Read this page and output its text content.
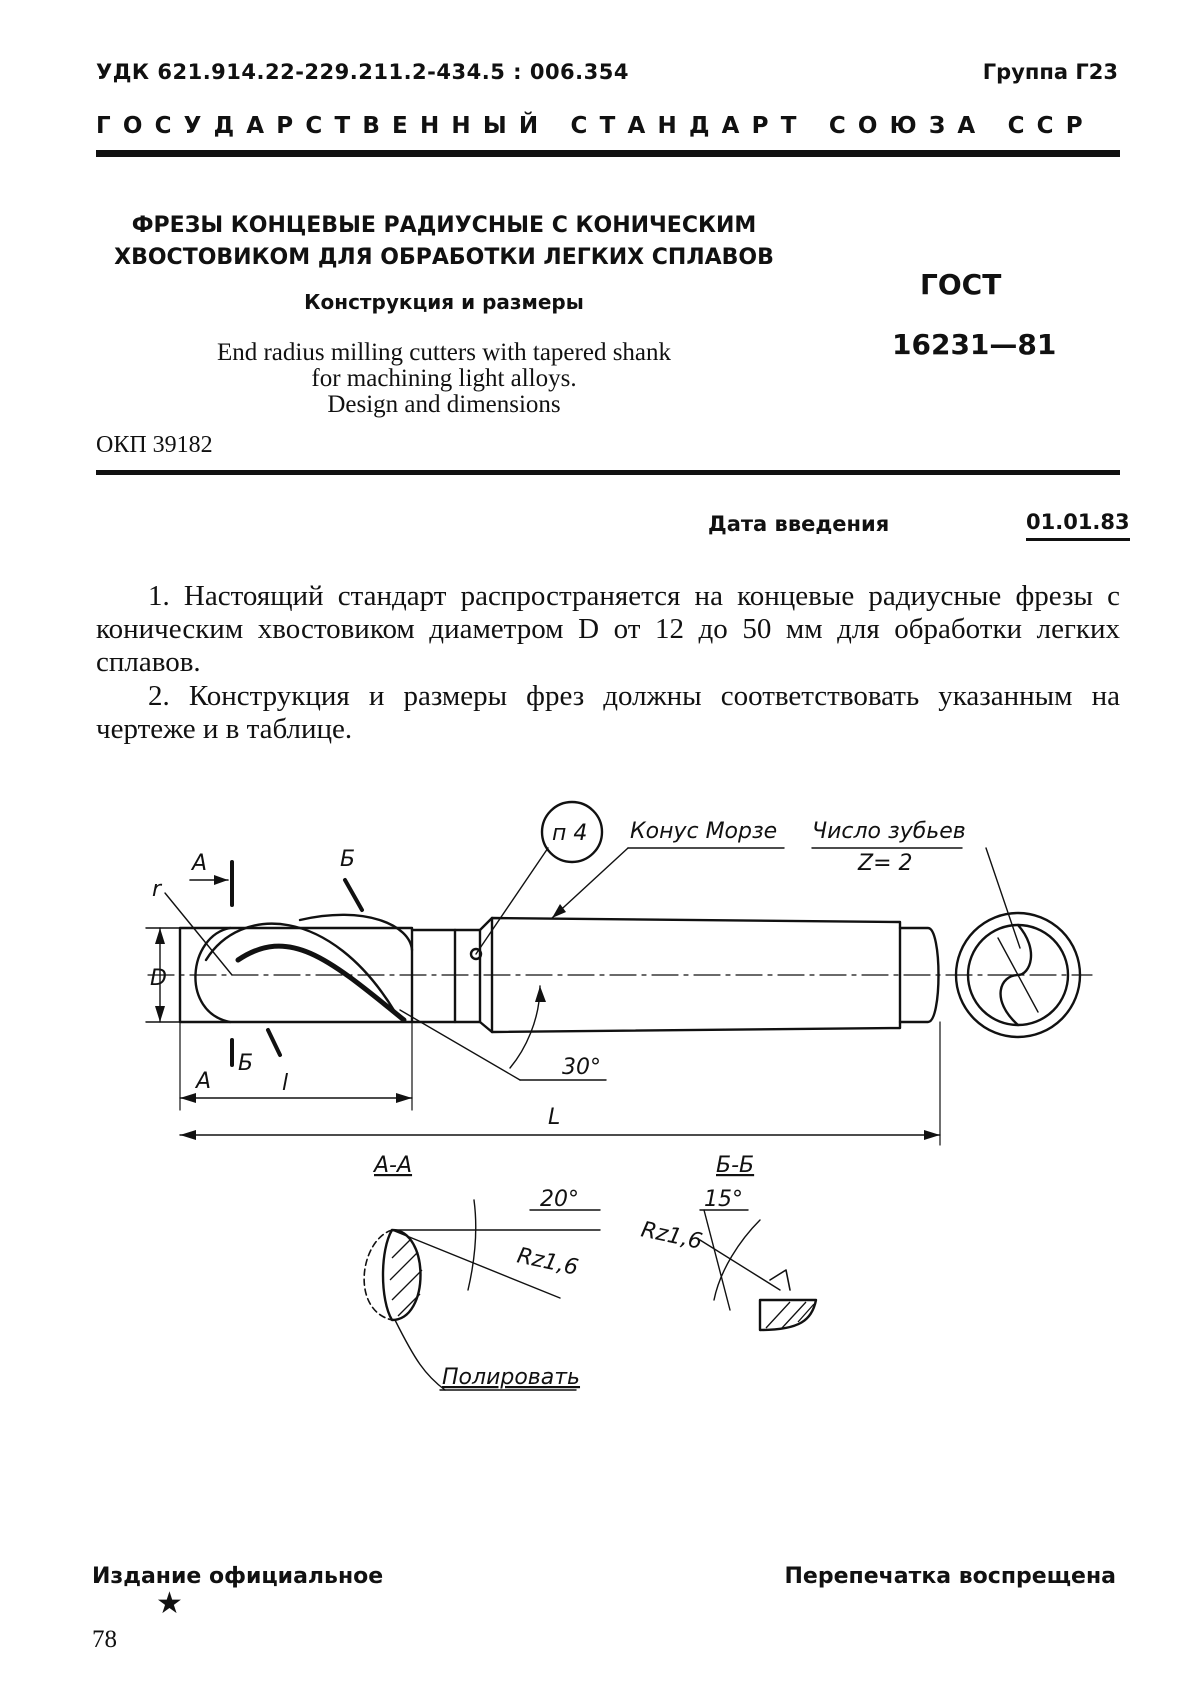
УДК 621.914.22-229.211.2-434.5 : 006.354	Группа Г23
ГОСУДАРСТВЕННЫЙ СТАНДАРТ СОЮЗА ССР
ФРЕЗЫ КОНЦЕВЫЕ РАДИУСНЫЕ С КОНИЧЕСКИМ
ХВОСТОВИКОМ ДЛЯ ОБРАБОТКИ ЛЕГКИХ СПЛАВОВ
Конструкция и размеры
End radius milling cutters with tapered shank
for machining light alloys.
Design and dimensions
ОКП 39182
ГОСТ
16231—81
Дата введения	01.01.83
1. Настоящий стандарт распространяется на концевые радиусные фрезы с коническим хвостовиком диаметром D от 12 до 50 мм для обработки легких сплавов.
2. Конструкция и размеры фрез должны соответствовать указанным на чертеже и в таблице.
п 4 Конус Морзе Число зубьев
Z= 2
r
D
l
L
30°
А
А
Б
Б
А-А	Б-Б
20°	15°
Rz1,6
Rz1,6
Полировать
Издание официальное	Перепечатка воспрещена
★
78
